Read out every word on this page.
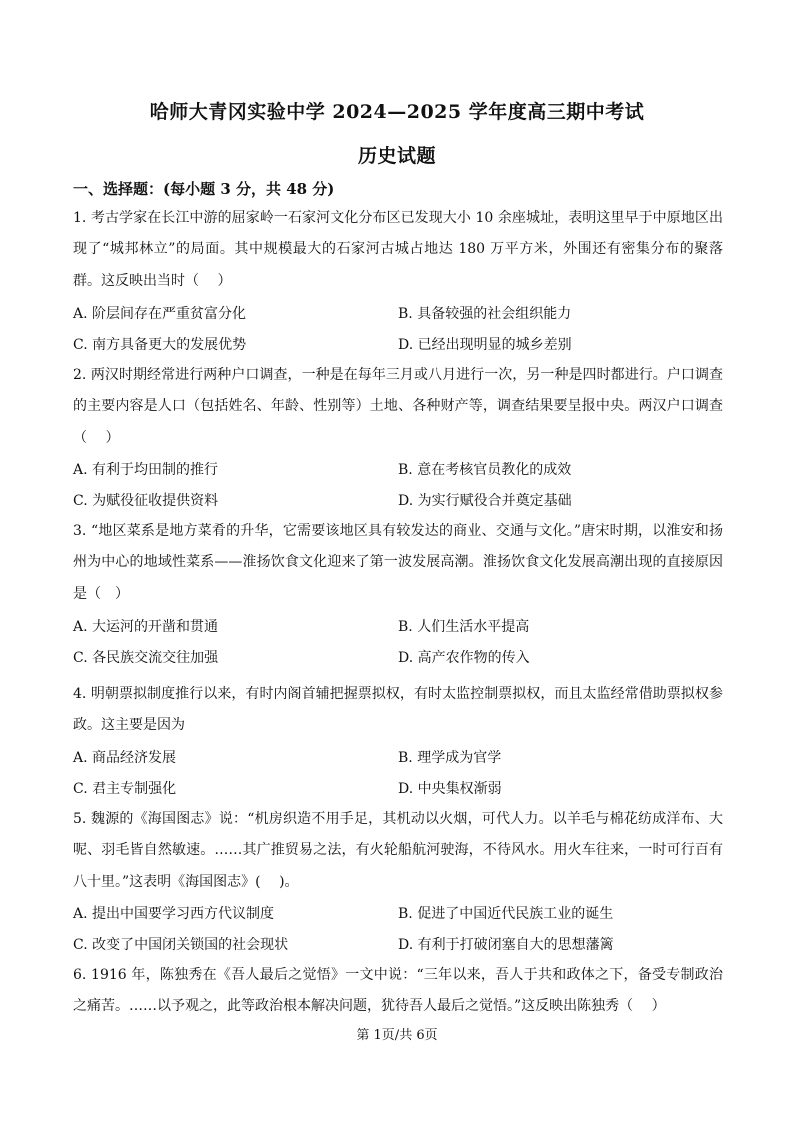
哈师大青冈实验中学 2024—2025 学年度高三期中考试
历史试题
一、选择题：(每小题 3 分，共 48 分)
1. 考古学家在长江中游的屈家岭一石家河文化分布区已发现大小 10 余座城址，表明这里早于中原地区出现了“城邦林立”的局面。其中规模最大的石家河古城占地达 180 万平方米，外围还有密集分布的聚落群。这反映出当时（　 ）
A. 阶层间存在严重贫富分化	B. 具备较强的社会组织能力
C. 南方具备更大的发展优势	D. 已经出现明显的城乡差别
2. 两汉时期经常进行两种户口调查，一种是在每年三月或八月进行一次，另一种是四时都进行。户口调查的主要内容是人口（包括姓名、年龄、性别等）土地、各种财产等，调查结果要呈报中央。两汉户口调查（　 ）
A. 有利于均田制的推行	B. 意在考核官员教化的成效
C. 为赋役征收提供资料	D. 为实行赋役合并奠定基础
3. “地区菜系是地方菜肴的升华，它需要该地区具有较发达的商业、交通与文化。”唐宋时期，以淮安和扬州为中心的地域性菜系——淮扬饮食文化迎来了第一波发展高潮。淮扬饮食文化发展高潮出现的直接原因是（　）
A. 大运河的开凿和贯通	B. 人们生活水平提高
C. 各民族交流交往加强	D. 高产农作物的传入
4. 明朝票拟制度推行以来，有时内阁首辅把握票拟权，有时太监控制票拟权，而且太监经常借助票拟权参政。这主要是因为
A. 商品经济发展	B. 理学成为官学
C. 君主专制强化	D. 中央集权渐弱
5. 魏源的《海国图志》说：“机房织造不用手足，其机动以火烟，可代人力。以羊毛与棉花纺成洋布、大呢、羽毛皆自然敏速。……其广推贸易之法，有火轮船航河驶海，不待风水。用火车往来，一时可行百有八十里。”这表明《海国图志》(　 )。
A. 提出中国要学习西方代议制度	B. 促进了中国近代民族工业的诞生
C. 改变了中国闭关锁国的社会现状	D. 有利于打破闭塞自大的思想藩篱
6. 1916 年，陈独秀在《吾人最后之觉悟》一文中说：“三年以来，吾人于共和政体之下，备受专制政治之痛苦。……以予观之，此等政治根本解决问题，犹待吾人最后之觉悟。”这反映出陈独秀（　 ）
第 1页/共 6页
